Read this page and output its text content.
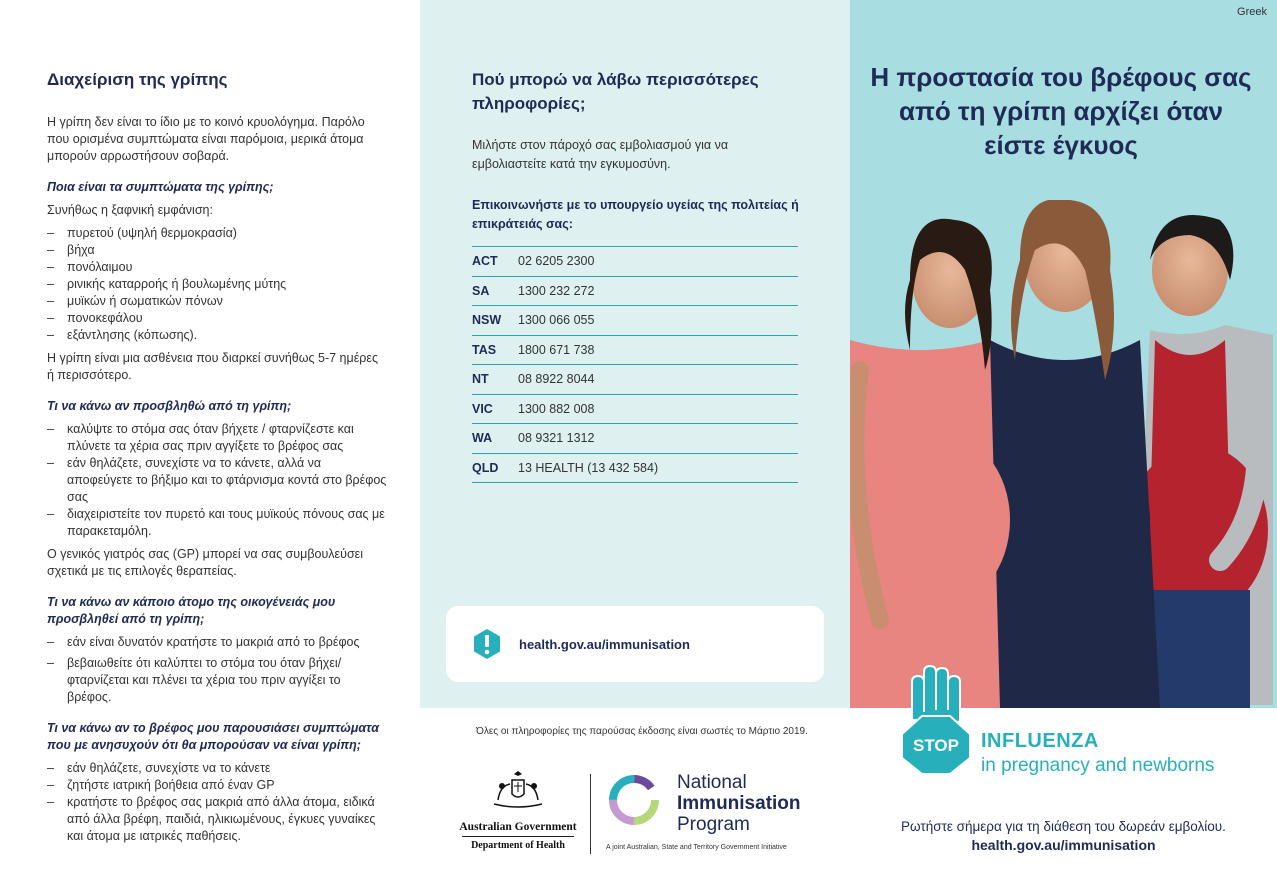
Διαχείριση της γρίπης

Η γρίπη δεν είναι το ίδιο με το κοινό κρυολόγημα. Παρόλο που ορισμένα συμπτώματα είναι παρόμοια, μερικά άτομα μπορούν αρρωστήσουν σοβαρά.

Ποια είναι τα συμπτώματα της γρίπης;

Συνήθως η ξαφνική εμφάνιση:

– πυρετού (υψηλή θερμοκρασία)
– βήχα
– πονόλαιμου
– ρινικής καταρροής ή βουλωμένης μύτης
– μυϊκών ή σωματικών πόνων
– πονοκεφάλου
– εξάντλησης (κόπωσης).

Η γρίπη είναι μια ασθένεια που διαρκεί συνήθως 5-7 ημέρες ή περισσότερο.

Τι να κάνω αν προσβληθώ από τη γρίπη;
– καλύψτε το στόμα σας όταν βήχετε / φταρνίζεστε και πλύνετε τα χέρια σας πριν αγγίξετε το βρέφος σας
– εάν θηλάζετε, συνεχίστε να το κάνετε, αλλά να αποφεύγετε το βήξιμο και το φτάρνισμα κοντά στο βρέφος σας
– διαχειριστείτε τον πυρετό και τους μυϊκούς πόνους σας με παρακεταμόλη.

Ο γενικός γιατρός σας (GP) μπορεί να σας συμβουλεύσει σχετικά με τις επιλογές θεραπείας.

Τι να κάνω αν κάποιο άτομο της οικογένειάς μου προσβληθεί από τη γρίπη;
– εάν είναι δυνατόν κρατήστε το μακριά από το βρέφος
– βεβαιωθείτε ότι καλύπτει το στόμα του όταν βήχει/ φταρνίζεται και πλένει τα χέρια του πριν αγγίξει το βρέφος.
Τι να κάνω αν το βρέφος μου παρουσιάσει συμπτώματα που με ανησυχούν ότι θα μπορούσαν να είναι γρίπη;
– εάν θηλάζετε, συνεχίστε να το κάνετε
– ζητήστε ιατρική βοήθεια από έναν GP
– κρατήστε το βρέφος σας μακριά από άλλα άτομα, ειδικά από άλλα βρέφη, παιδιά, ηλικιωμένους, έγκυες γυναίκες και άτομα με ιατρικές παθήσεις.
Πού μπορώ να λάβω περισσότερες πληροφορίες;

Μιλήστε στον πάροχό σας εμβολιασμού για να εμβολιαστείτε κατά την εγκυμοσύνη.

Επικοινωνήστε με το υπουργείο υγείας της πολιτείας ή επικράτειάς σας:

ACT	02 6205 2300
SA	1300 232 272
NSW	1300 066 055
TAS	1800 671 738
NT	08 8922 8044
VIC	1300 882 008
WA	08 9321 1312
QLD	13 HEALTH (13 432 584)
health.gov.au/immunisation
Όλες οι πληροφορίες της παρούσας έκδοσης είναι σωστές το Μάρτιο 2019.
Australian Government
Department of Health
National
Immunisation
Program
A joint Australian, State and Territory Government Initiative
Greek
Η προστασία του βρέφους σας από τη γρίπη αρχίζει όταν είστε έγκυος
STOP INFLUENZA
in pregnancy and newborns
Ρωτήστε σήμερα για τη διάθεση του δωρεάν εμβολίου.
health.gov.au/immunisation
